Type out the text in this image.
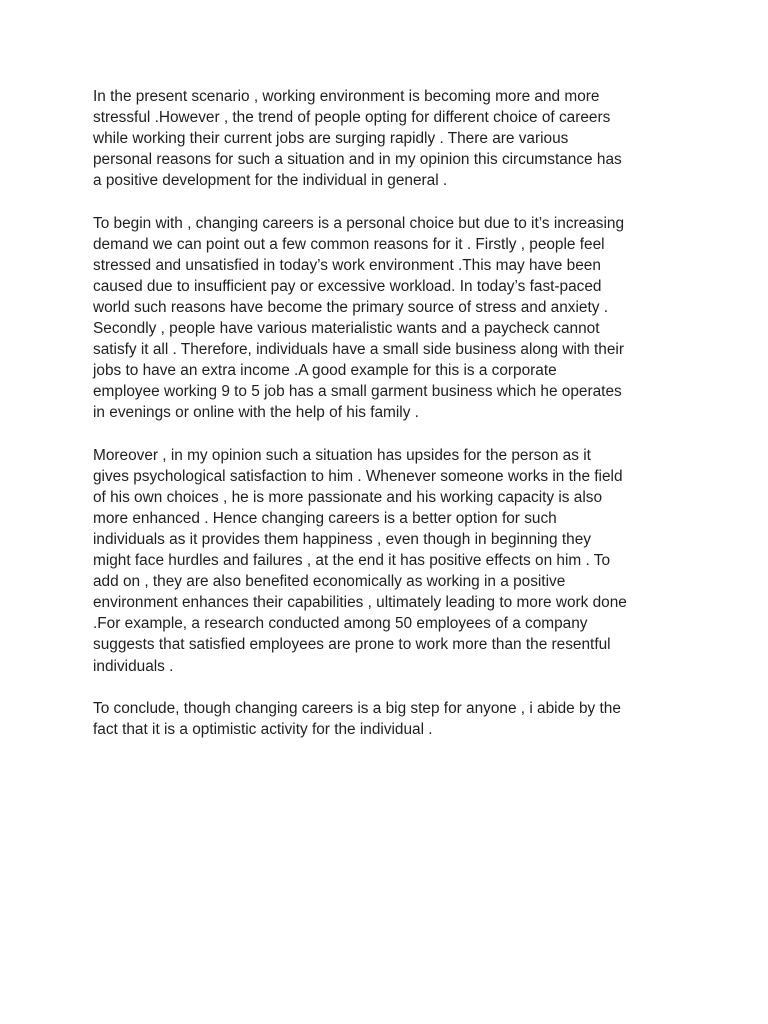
In the present scenario , working environment is becoming more and more
stressful .However , the trend of people opting for different choice of careers
while working their current jobs are surging rapidly . There are various
personal reasons for such a situation and in my opinion this circumstance has
a positive development for the individual in general .

To begin with , changing careers is a personal choice but due to it’s increasing
demand we can point out a few common reasons for it . Firstly , people feel
stressed and unsatisfied in today’s work environment .This may have been
caused due to insufficient pay or excessive workload. In today’s fast-paced
world such reasons have become the primary source of stress and anxiety .
Secondly , people have various materialistic wants and a paycheck cannot
satisfy it all . Therefore, individuals have a small side business along with their
jobs to have an extra income .A good example for this is a corporate
employee working 9 to 5 job has a small garment business which he operates
in evenings or online with the help of his family .

Moreover , in my opinion such a situation has upsides for the person as it
gives psychological satisfaction to him . Whenever someone works in the field
of his own choices , he is more passionate and his working capacity is also
more enhanced . Hence changing careers is a better option for such
individuals as it provides them happiness , even though in beginning they
might face hurdles and failures , at the end it has positive effects on him . To
add on , they are also benefited economically as working in a positive
environment enhances their capabilities , ultimately leading to more work done
.For example, a research conducted among 50 employees of a company
suggests that satisfied employees are prone to work more than the resentful
individuals .

To conclude, though changing careers is a big step for anyone , i abide by the
fact that it is a optimistic activity for the individual .
